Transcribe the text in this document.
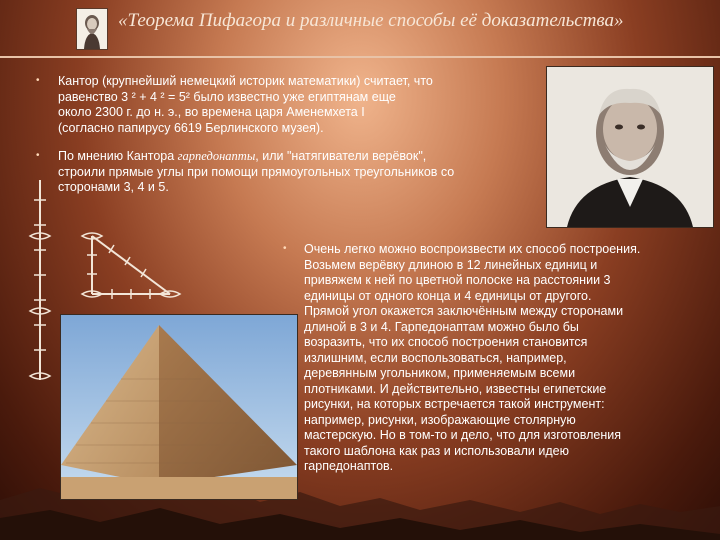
«Теорема Пифагора и различные способы её доказательства»
• Кантор (крупнейший немецкий историк математики) считает, что
равенство 3 ² + 4 ² = 5² было известно уже египтянам еще
около 2300 г. до н. э., во времена царя Аменемхета I
(согласно папирусу 6619 Берлинского музея).
• По мнению Кантора гарпедонапты, или "натягиватели верёвок",
строили прямые углы при помощи прямоугольных треугольников со
сторонами 3, 4 и 5.
• Очень легко можно воспроизвести их способ построения.
Возьмем верёвку длиною в 12 линейных единиц и
привяжем к ней по цветной полоске на расстоянии 3
единицы от одного конца и 4 единицы от другого.
Прямой угол окажется заключённым между сторонами
длиной в 3 и 4. Гарпедонаптам можно было бы
возразить, что их способ построения становится
излишним, если воспользоваться, например,
деревянным угольником, применяемым всеми
плотниками. И действительно, известны египетские
рисунки, на которых встречается такой инструмент:
например, рисунки, изображающие столярную
мастерскую. Но в том-то и дело, что для изготовления
такого шаблона как раз и использовали идею
гарпедонаптов.
